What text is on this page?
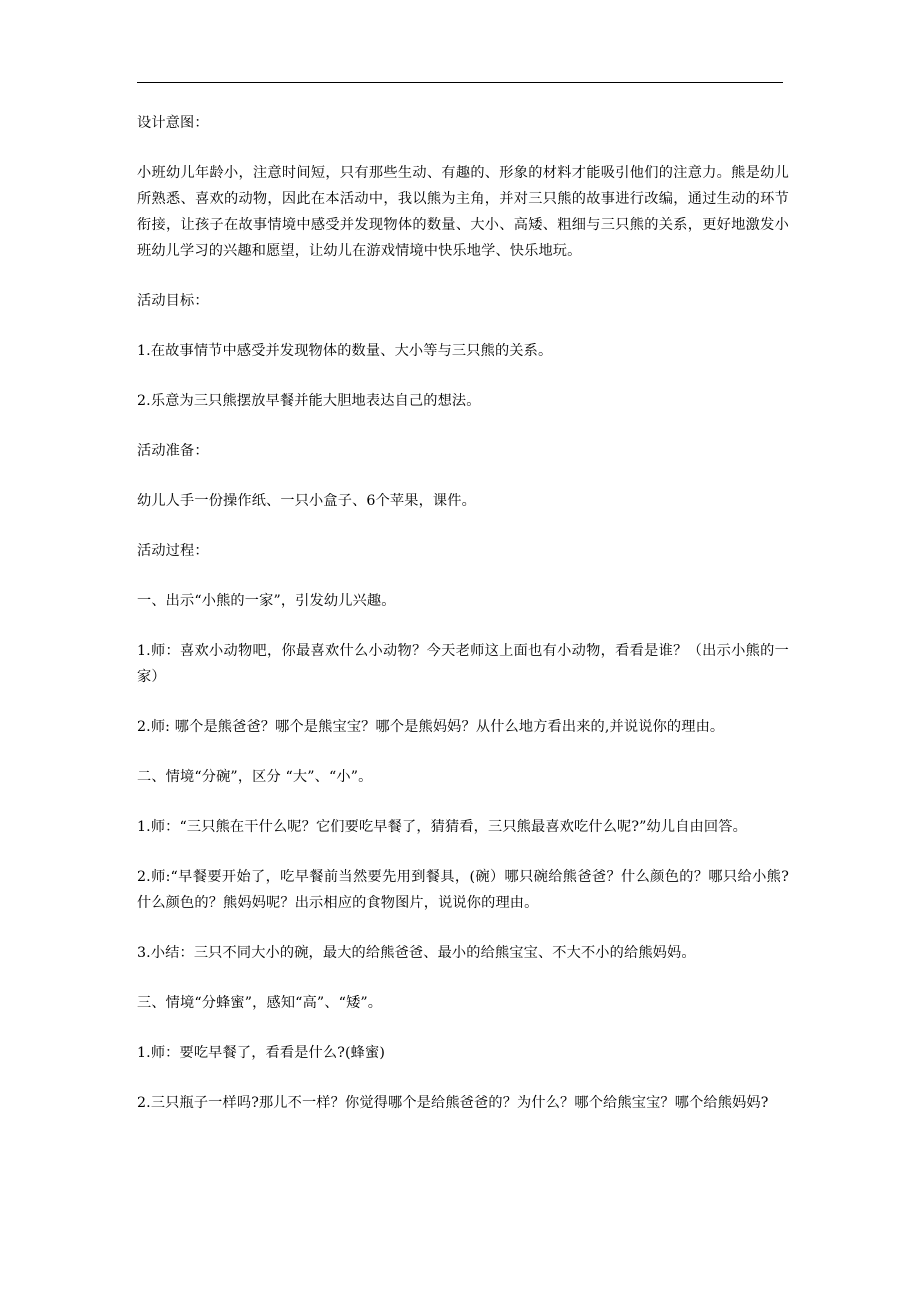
设计意图：

小班幼儿年龄小，注意时间短，只有那些生动、有趣的、形象的材料才能吸引他们的注意力。熊是幼儿所熟悉、喜欢的动物，因此在本活动中，我以熊为主角，并对三只熊的故事进行改编，通过生动的环节衔接，让孩子在故事情境中感受并发现物体的数量、大小、高矮、粗细与三只熊的关系，更好地激发小班幼儿学习的兴趣和愿望，让幼儿在游戏情境中快乐地学、快乐地玩。

活动目标：

1.在故事情节中感受并发现物体的数量、大小等与三只熊的关系。

2.乐意为三只熊摆放早餐并能大胆地表达自己的想法。

活动准备：

幼儿人手一份操作纸、一只小盒子、6个苹果，课件。

活动过程：

一、出示“小熊的一家”，引发幼儿兴趣。

1.师：喜欢小动物吧，你最喜欢什么小动物？今天老师这上面也有小动物，看看是谁？（出示小熊的一家）

2.师: 哪个是熊爸爸？哪个是熊宝宝？哪个是熊妈妈？从什么地方看出来的,并说说你的理由。

二、情境“分碗”，区分 “大”、“小”。

1.师：“三只熊在干什么呢？它们要吃早餐了，猜猜看，三只熊最喜欢吃什么呢?”幼儿自由回答。

2.师:“早餐要开始了，吃早餐前当然要先用到餐具，(碗）哪只碗给熊爸爸？什么颜色的？哪只给小熊?什么颜色的？熊妈妈呢？出示相应的食物图片，说说你的理由。

3.小结：三只不同大小的碗，最大的给熊爸爸、最小的给熊宝宝、不大不小的给熊妈妈。

三、情境“分蜂蜜”，感知“高”、“矮”。

1.师：要吃早餐了，看看是什么?(蜂蜜)

2.三只瓶子一样吗?那儿不一样？你觉得哪个是给熊爸爸的？为什么？哪个给熊宝宝？哪个给熊妈妈?
